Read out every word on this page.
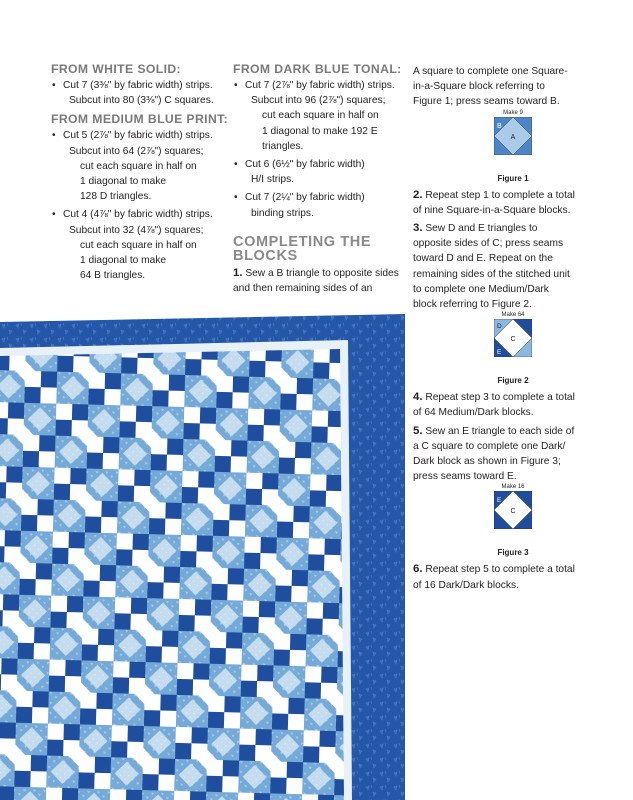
PassionForum.ru
FROM WHITE SOLID:
• Cut 7 (3⅜" by fabric width) strips.
Subcut into 80 (3⅜") C squares.
FROM MEDIUM BLUE PRINT:
• Cut 5 (2⅞" by fabric width) strips.
Subcut into 64 (2⅞") squares;
cut each square in half on
1 diagonal to make
128 D triangles.
• Cut 4 (4⅞" by fabric width) strips.
Subcut into 32 (4⅞") squares;
cut each square in half on
1 diagonal to make
64 B triangles.
FROM DARK BLUE TONAL:
• Cut 7 (2⅞" by fabric width) strips.
Subcut into 96 (2⅞") squares;
cut each square in half on
1 diagonal to make 192 E
triangles.
• Cut 6 (6½" by fabric width)
H/I strips.
• Cut 7 (2¼" by fabric width)
binding strips.
COMPLETING THE
BLOCKS
1. Sew a B triangle to opposite sides
and then remaining sides of an
A square to complete one Square-
in-a-Square block referring to
Figure 1; press seams toward B.
Make 9
B
A
Figure 1
2. Repeat step 1 to complete a total
of nine Square-in-a-Square blocks.
3. Sew D and E triangles to
opposite sides of C; press seams
toward D and E. Repeat on the
remaining sides of the stitched unit
to complete one Medium/Dark
block referring to Figure 2.
Make 64
D
C
E
Figure 2
4. Repeat step 3 to complete a total
of 64 Medium/Dark blocks.
5. Sew an E triangle to each side of
a C square to complete one Dark/
Dark block as shown in Figure 3;
press seams toward E.
Make 16
E
C
Figure 3
6. Repeat step 5 to complete a total
of 16 Dark/Dark blocks.
